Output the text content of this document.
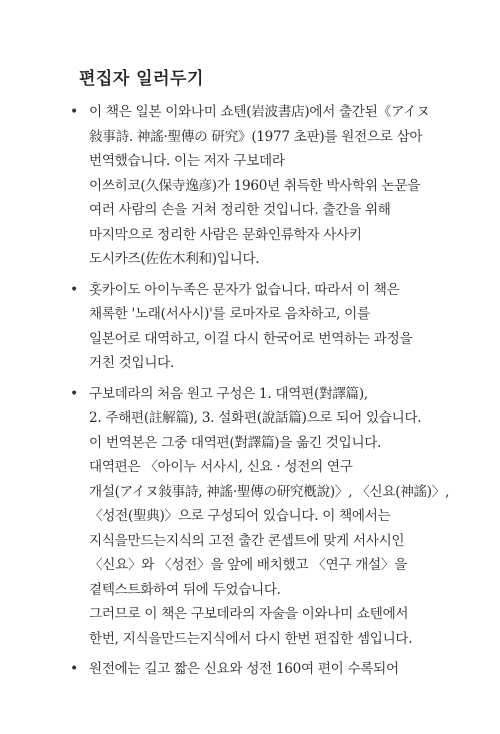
편집자 일러두기
• 이 책은 일본 이와나미 쇼텐(岩波書店)에서 출간된《アイヌ
敍事詩. 神謠·聖傳の 研究》(1977 초판)를 원전으로 삼아
번역했습니다. 이는 저자 구보데라
이쓰히코(久保寺逸彦)가 1960년 취득한 박사학위 논문을
여러 사람의 손을 거쳐 정리한 것입니다. 출간을 위해
마지막으로 정리한 사람은 문화인류학자 사사키
도시카즈(佐佐木利和)입니다.
• 홋카이도 아이누족은 문자가 없습니다. 따라서 이 책은
채록한 '노래(서사시)'를 로마자로 음차하고, 이를
일본어로 대역하고, 이걸 다시 한국어로 번역하는 과정을
거친 것입니다.
• 구보데라의 처음 원고 구성은 1. 대역편(對譯篇),
2. 주해편(註解篇), 3. 설화편(說話篇)으로 되어 있습니다.
이 번역본은 그중 대역편(對譯篇)을 옮긴 것입니다.
대역편은 〈아이누 서사시, 신요 · 성전의 연구
개설(アイヌ敍事詩, 神謠·聖傳の研究槪說)〉, 〈신요(神謠)〉,
〈성전(聖典)〉으로 구성되어 있습니다. 이 책에서는
지식을만드는지식의 고전 출간 콘셉트에 맞게 서사시인
〈신요〉와 〈성전〉을 앞에 배치했고 〈연구 개설〉을
곁텍스트화하여 뒤에 두었습니다.
그러므로 이 책은 구보데라의 자술을 이와나미 쇼텐에서
한번, 지식을만드는지식에서 다시 한번 편집한 셈입니다.
• 원전에는 길고 짧은 신요와 성전 160여 편이 수록되어
